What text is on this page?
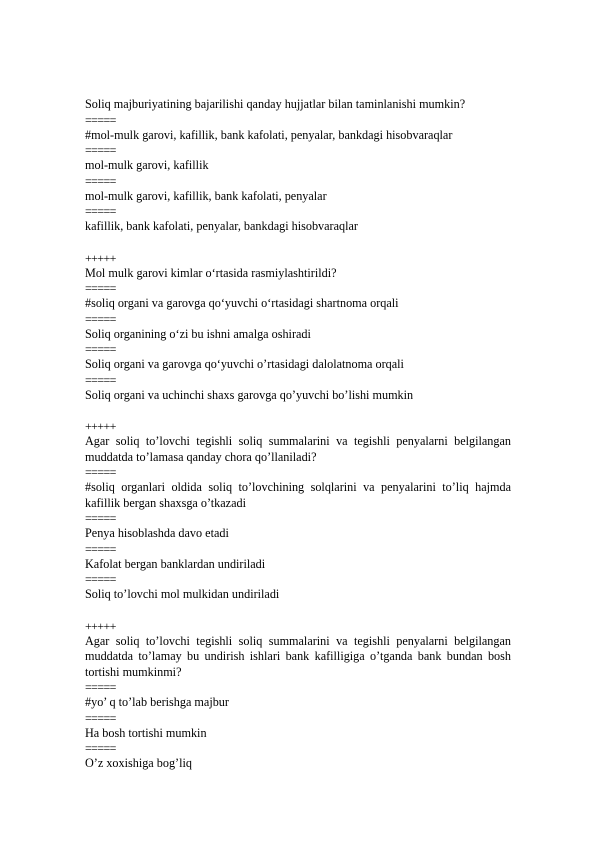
Soliq majburiyatining bajarilishi qanday hujjatlar bilan taminlanishi mumkin?
=====
#mol-mulk garovi, kafillik, bank kafolati, penyalar, bankdagi hisobvaraqlar
=====
mol-mulk garovi, kafillik
=====
mol-mulk garovi, kafillik, bank kafolati, penyalar
=====
kafillik, bank kafolati, penyalar, bankdagi hisobvaraqlar
+++++
Mol mulk garovi kimlar o‘rtasida rasmiylashtirildi?
=====
#soliq organi va garovga qo‘yuvchi o‘rtasidagi shartnoma orqali
=====
Soliq organining o‘zi bu ishni amalga oshiradi
=====
Soliq organi va garovga qo‘yuvchi o’rtasidagi dalolatnoma orqali
=====
Soliq organi va uchinchi shaxs garovga qo’yuvchi bo’lishi mumkin
+++++
Agar soliq to’lovchi tegishli soliq summalarini va tegishli penyalarni belgilangan muddatda to’lamasa qanday chora qo’llaniladi?
=====
#soliq organlari oldida soliq to’lovchining solqlarini va penyalarini to’liq hajmda kafillik bergan shaxsga o’tkazadi
=====
Penya hisoblashda davo etadi
=====
Kafolat bergan banklardan undiriladi
=====
Soliq to’lovchi mol mulkidan undiriladi
+++++
Agar soliq to’lovchi tegishli soliq summalarini va tegishli penyalarni belgilangan muddatda to’lamay bu undirish ishlari bank kafilligiga o’tganda bank bundan bosh tortishi mumkinmi?
=====
#yo’ q to’lab berishga majbur
=====
Ha bosh tortishi mumkin
=====
O’z xoxishiga bog’liq
